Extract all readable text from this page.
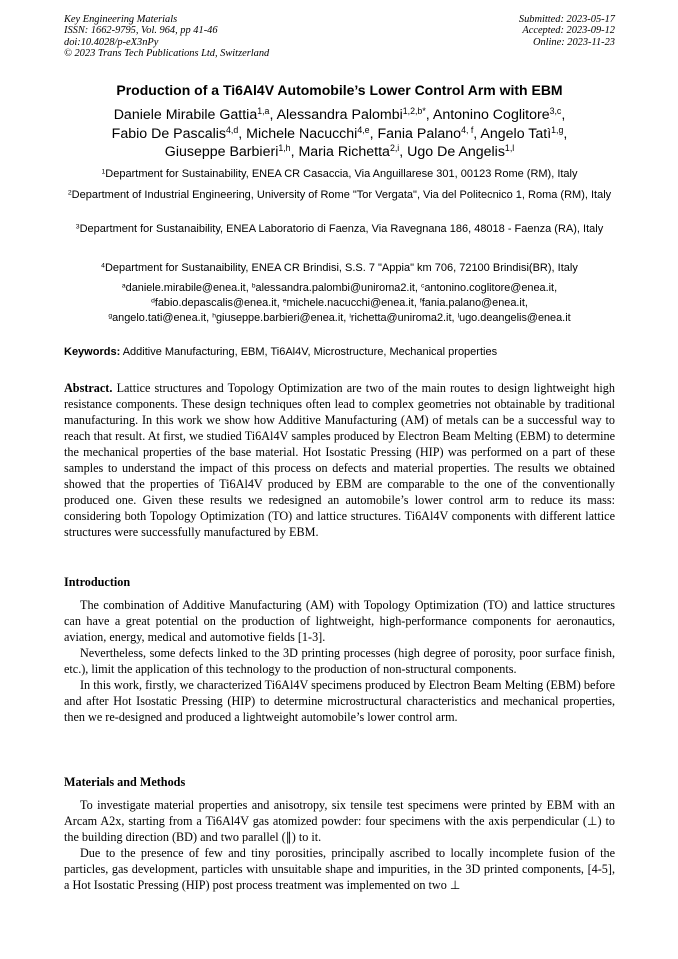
Key Engineering Materials
ISSN: 1662-9795, Vol. 964, pp 41-46
doi:10.4028/p-eX3nPy
© 2023 Trans Tech Publications Ltd, Switzerland
Submitted: 2023-05-17
Accepted: 2023-09-12
Online: 2023-11-23
Production of a Ti6Al4V Automobile’s Lower Control Arm with EBM
Daniele Mirabile Gattia$^{1,a}$, Alessandra Palombi$^{1,2,b*}$, Antonino Coglitore$^{3,c}$,
Fabio De Pascalis$^{4,d}$, Michele Nacucchi$^{4,e}$, Fania Palano$^{4, f}$, Angelo Tatì$^{1,g}$,
Giuseppe Barbieri$^{1,h}$, Maria Richetta$^{2,i}$, Ugo De Angelis$^{1,l}$
$^1$Department for Sustainability, ENEA CR Casaccia, Via Anguillarese 301, 00123 Rome (RM), Italy
$^2$Department of Industrial Engineering, University of Rome "Tor Vergata", Via del Politecnico 1, Roma (RM), Italy
$^3$Department for Sustanaibility, ENEA Laboratorio di Faenza, Via Ravegnana 186, 48018 - Faenza (RA), Italy
$^4$Department for Sustanaibility, ENEA CR Brindisi, S.S. 7 "Appia" km 706, 72100 Brindisi(BR), Italy
$^a$daniele.mirabile@enea.it, $^b$alessandra.palombi@uniroma2.it, $^c$antonino.coglitore@enea.it,
$^d$fabio.depascalis@enea.it, $^e$michele.nacucchi@enea.it, $^f$fania.palano@enea.it,
$^g$angelo.tati@enea.it, $^h$giuseppe.barbieri@enea.it, $^i$richetta@uniroma2.it, $^l$ugo.deangelis@enea.it
Keywords: Additive Manufacturing, EBM, Ti6Al4V, Microstructure, Mechanical properties

Abstract. Lattice structures and Topology Optimization are two of the main routes to design lightweight high resistance components. These design techniques often lead to complex geometries not obtainable by traditional manufacturing. In this work we show how Additive Manufacturing (AM) of metals can be a successful way to reach that result. At first, we studied Ti6Al4V samples produced by Electron Beam Melting (EBM) to determine the mechanical properties of the base material. Hot Isostatic Pressing (HIP) was performed on a part of these samples to understand the impact of this process on defects and material properties. The results we obtained showed that the properties of Ti6Al4V produced by EBM are comparable to the one of the conventionally produced one. Given these results we redesigned an automobile’s lower control arm to reduce its mass: considering both Topology Optimization (TO) and lattice structures. Ti6Al4V components with different lattice structures were successfully manufactured by EBM.

Introduction

The combination of Additive Manufacturing (AM) with Topology Optimization (TO) and lattice structures can have a great potential on the production of lightweight, high-performance components for aeronautics, aviation, energy, medical and automotive fields [1-3].

Nevertheless, some defects linked to the 3D printing processes (high degree of porosity, poor surface finish, etc.), limit the application of this technology to the production of non-structural components.

In this work, firstly, we characterized Ti6Al4V specimens produced by Electron Beam Melting (EBM) before and after Hot Isostatic Pressing (HIP) to determine microstructural characteristics and mechanical properties, then we re-designed and produced a lightweight automobile’s lower control arm.

Materials and Methods

To investigate material properties and anisotropy, six tensile test specimens were printed by EBM with an Arcam A2x, starting from a Ti6Al4V gas atomized powder: four specimens with the axis perpendicular (⊥) to the building direction (BD) and two parallel (∥) to it.

Due to the presence of few and tiny porosities, principally ascribed to locally incomplete fusion of the particles, gas development, particles with unsuitable shape and impurities, in the 3D printed components, [4-5], a Hot Isostatic Pressing (HIP) post process treatment was implemented on two ⊥
